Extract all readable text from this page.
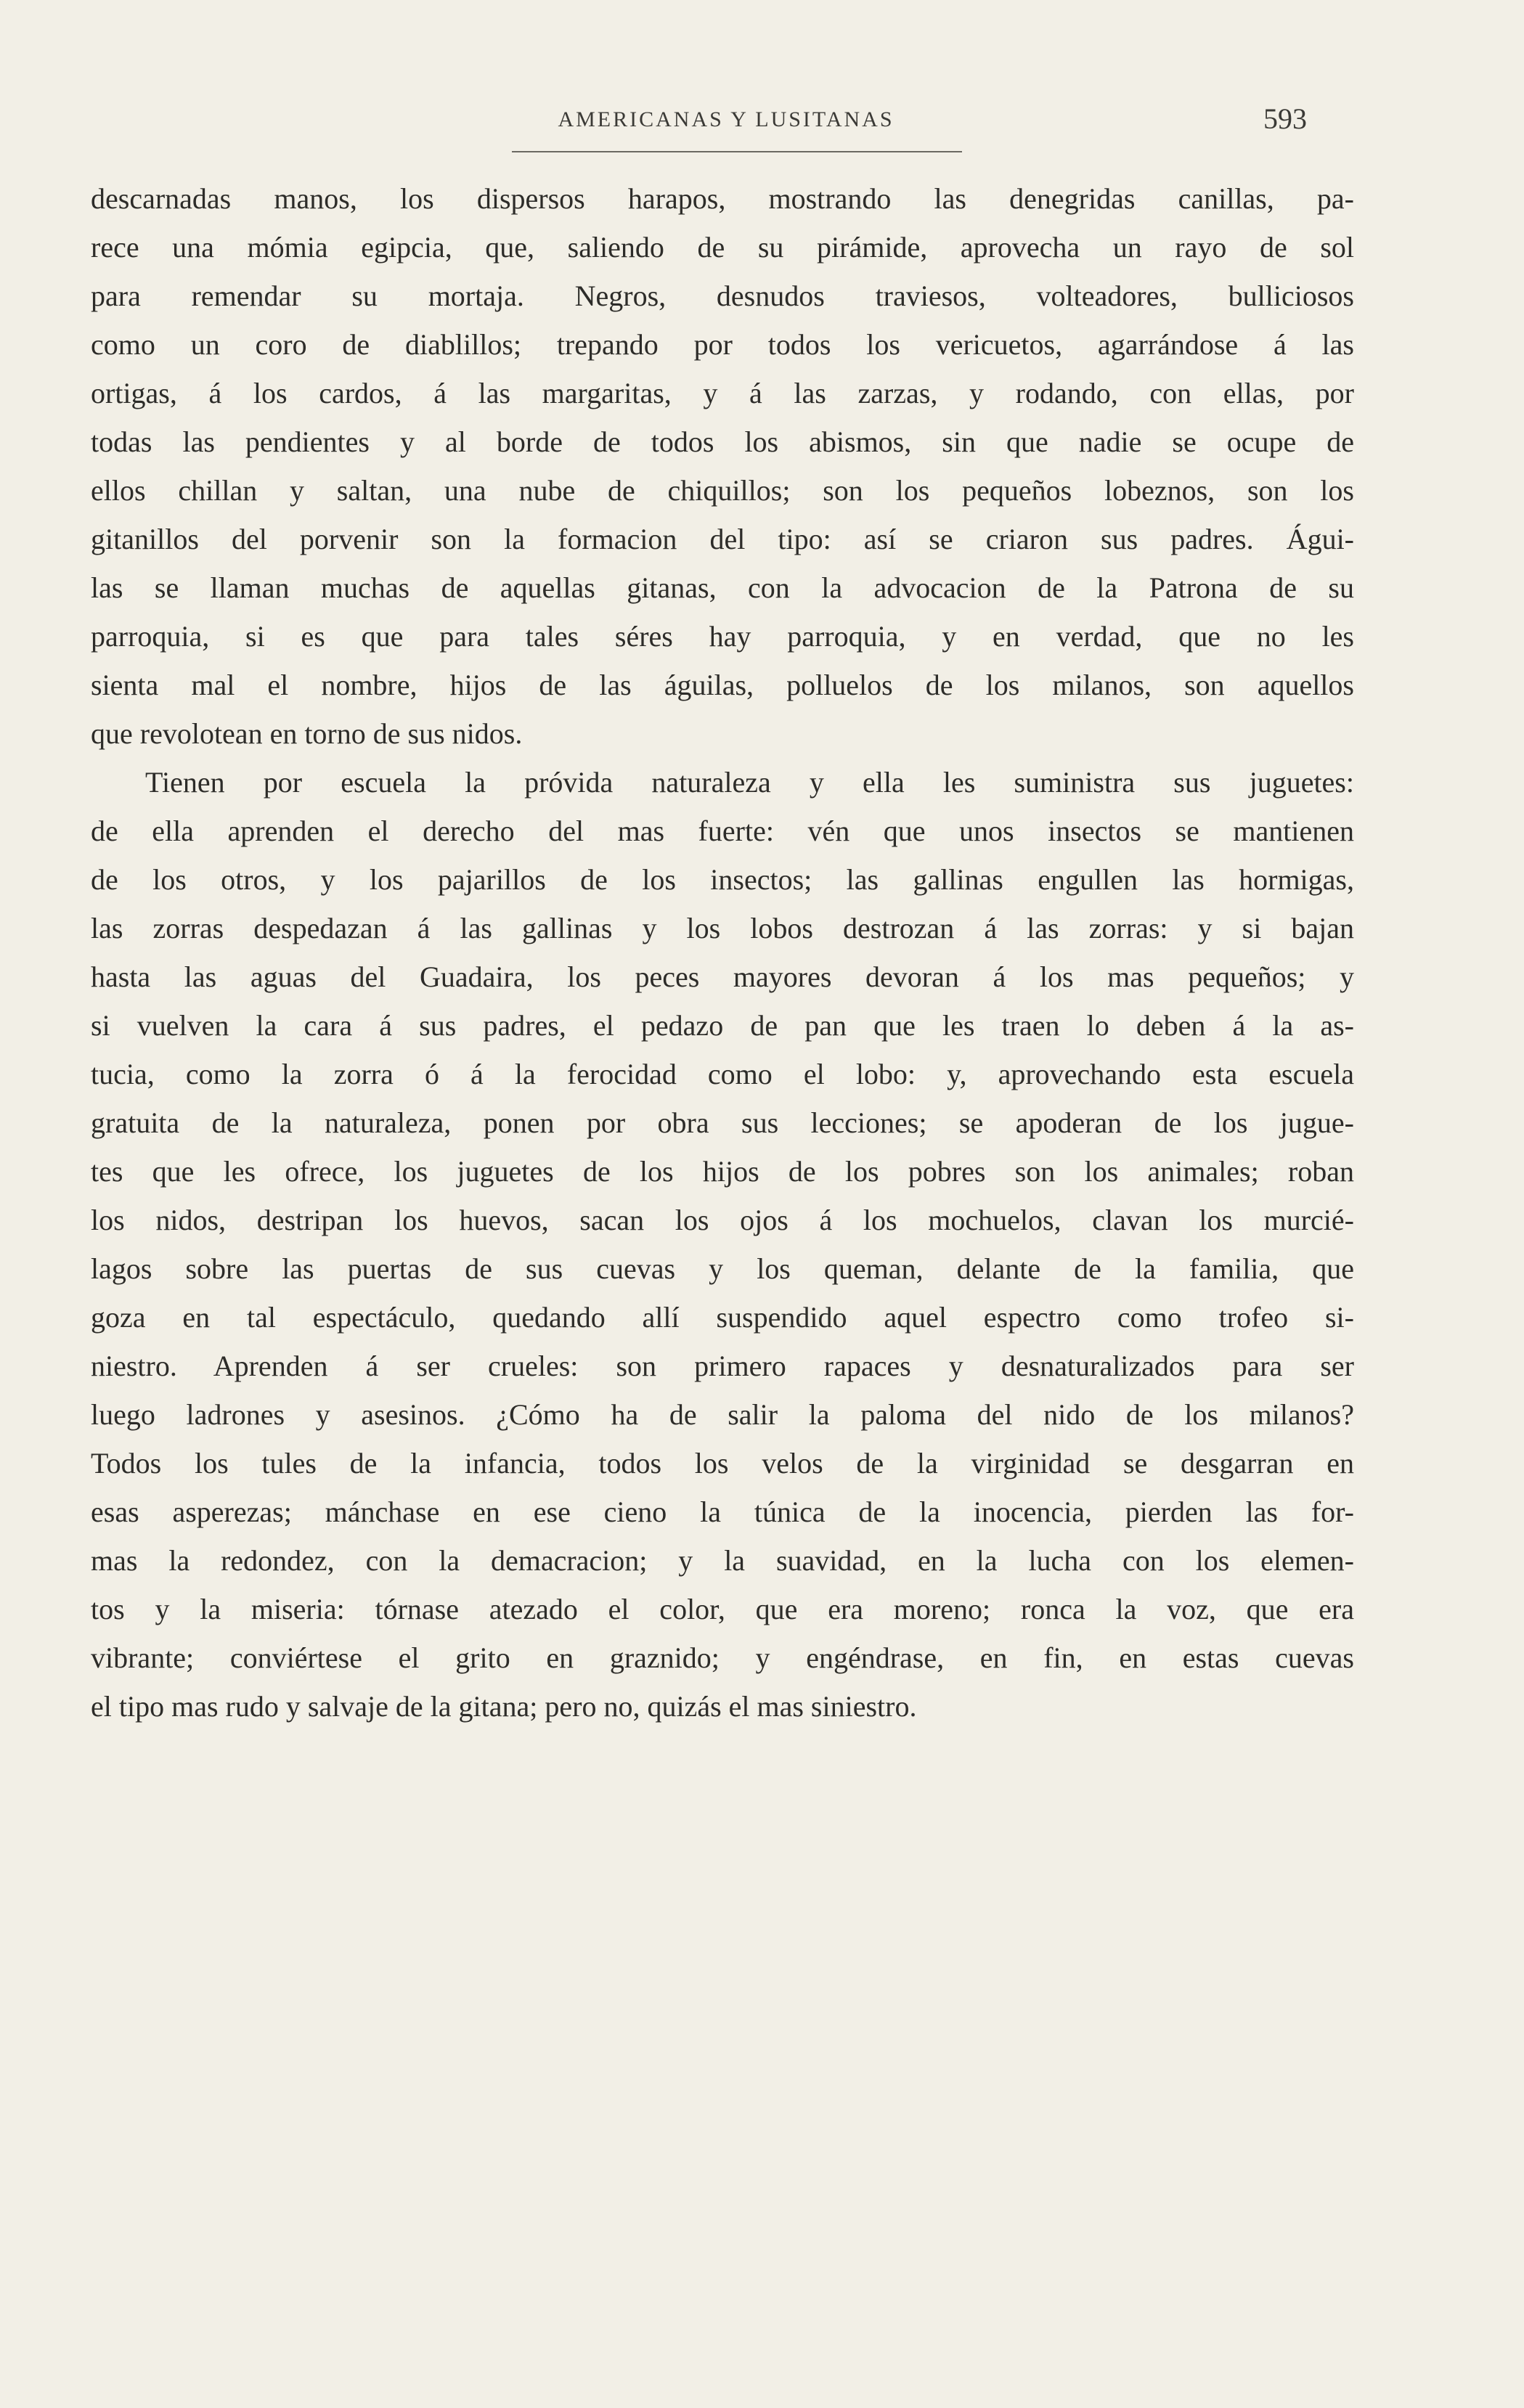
AMERICANAS Y LUSITANAS	593
descarnadas manos, los dispersos harapos, mostrando las denegridas canillas, pa-
rece una mómia egipcia, que, saliendo de su pirámide, aprovecha un rayo de sol
para remendar su mortaja. Negros, desnudos traviesos, volteadores, bulliciosos
como un coro de diablillos; trepando por todos los vericuetos, agarrándose á las
ortigas, á los cardos, á las margaritas, y á las zarzas, y rodando, con ellas, por
todas las pendientes y al borde de todos los abismos, sin que nadie se ocupe de
ellos chillan y saltan, una nube de chiquillos; son los pequeños lobeznos, son los
gitanillos del porvenir son la formacion del tipo: así se criaron sus padres. Águi-
las se llaman muchas de aquellas gitanas, con la advocacion de la Patrona de su
parroquia, si es que para tales séres hay parroquia, y en verdad, que no les
sienta mal el nombre, hijos de las águilas, polluelos de los milanos, son aquellos
que revolotean en torno de sus nidos.
Tienen por escuela la próvida naturaleza y ella les suministra sus juguetes:
de ella aprenden el derecho del mas fuerte: vén que unos insectos se mantienen
de los otros, y los pajarillos de los insectos; las gallinas engullen las hormigas,
las zorras despedazan á las gallinas y los lobos destrozan á las zorras: y si bajan
hasta las aguas del Guadaira, los peces mayores devoran á los mas pequeños; y
si vuelven la cara á sus padres, el pedazo de pan que les traen lo deben á la as-
tucia, como la zorra ó á la ferocidad como el lobo: y, aprovechando esta escuela
gratuita de la naturaleza, ponen por obra sus lecciones; se apoderan de los jugue-
tes que les ofrece, los juguetes de los hijos de los pobres son los animales; roban
los nidos, destripan los huevos, sacan los ojos á los mochuelos, clavan los murcié-
lagos sobre las puertas de sus cuevas y los queman, delante de la familia, que
goza en tal espectáculo, quedando allí suspendido aquel espectro como trofeo si-
niestro. Aprenden á ser crueles: son primero rapaces y desnaturalizados para ser
luego ladrones y asesinos. ¿Cómo ha de salir la paloma del nido de los milanos?
Todos los tules de la infancia, todos los velos de la virginidad se desgarran en
esas asperezas; mánchase en ese cieno la túnica de la inocencia, pierden las for-
mas la redondez, con la demacracion; y la suavidad, en la lucha con los elemen-
tos y la miseria: tórnase atezado el color, que era moreno; ronca la voz, que era
vibrante; conviértese el grito en graznido; y engéndrase, en fin, en estas cuevas
el tipo mas rudo y salvaje de la gitana; pero no, quizás el mas siniestro.
